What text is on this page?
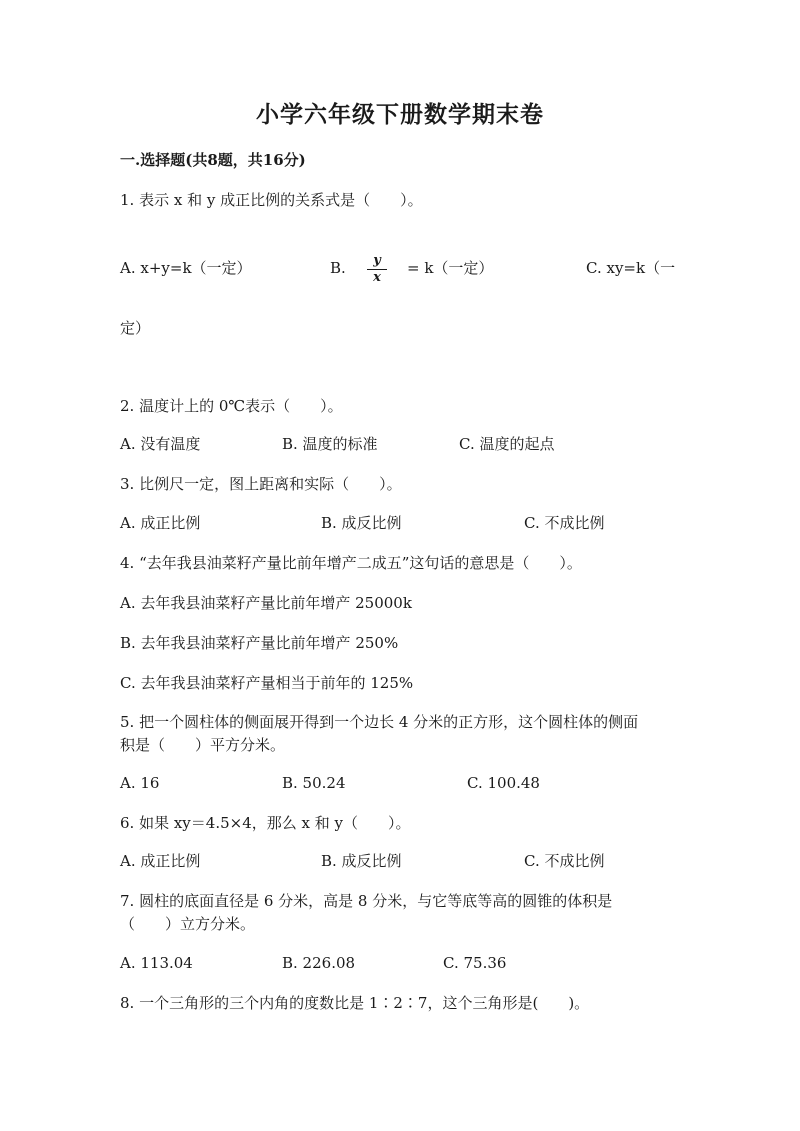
小学六年级下册数学期末卷
一.选择题(共8题，共16分)
1. 表示 x 和 y 成正比例的关系式是（　　）。
A. x+y=k（一定）	B.	y
x
= k（一定）	C. xy=k（一
定）
2. 温度计上的 0℃表示（　　）。
A. 没有温度	B. 温度的标准	C. 温度的起点
3. 比例尺一定，图上距离和实际（　　）。
A. 成正比例	B. 成反比例	C. 不成比例
4. “去年我县油菜籽产量比前年增产二成五”这句话的意思是（　　）。
A. 去年我县油菜籽产量比前年增产 25000k
B. 去年我县油菜籽产量比前年增产 250%
C. 去年我县油菜籽产量相当于前年的 125%
5. 把一个圆柱体的侧面展开得到一个边长 4 分米的正方形，这个圆柱体的侧面
积是（　　）平方分米。
A. 16	B. 50.24	C. 100.48
6. 如果 xy＝4.5×4，那么 x 和 y（　　）。
A. 成正比例	B. 成反比例	C. 不成比例
7. 圆柱的底面直径是 6 分米，高是 8 分米，与它等底等高的圆锥的体积是
（　　）立方分米。
A. 113.04	B. 226.08	C. 75.36
8. 一个三角形的三个内角的度数比是 1∶2∶7，这个三角形是(　　)。
